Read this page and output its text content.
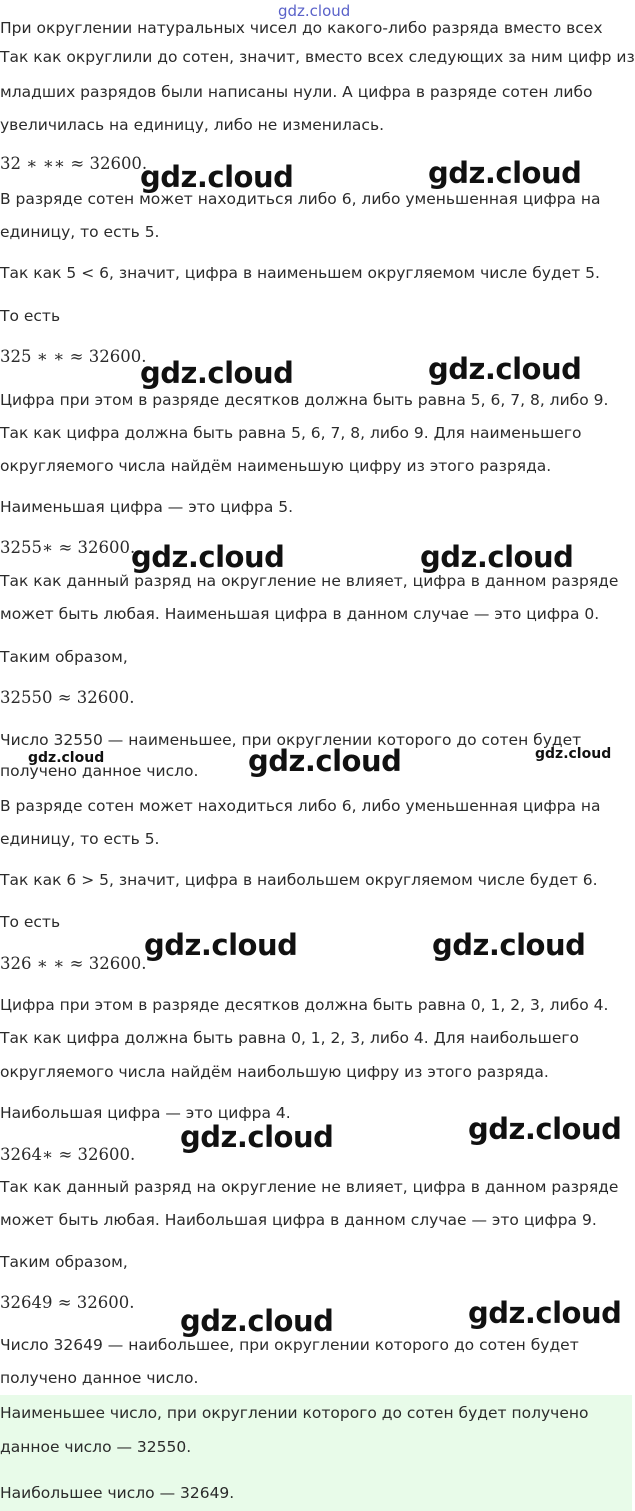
gdz.cloud
При округлении натуральных чисел до какого-либо разряда вместо всех
Так как округлили до сотен, значит, вместо всех следующих за ним цифр из
младших разрядов были написаны нули. А цифра в разряде сотен либо
увеличилась на единицу, либо не изменилась.
32 ∗ ∗∗ ≈ 32600.
В разряде сотен может находиться либо 6, либо уменьшенная цифра на
единицу, то есть 5.
Так как 5 < 6, значит, цифра в наименьшем округляемом числе будет 5.
То есть
325 ∗ ∗ ≈ 32600.
Цифра при этом в разряде десятков должна быть равна 5, 6, 7, 8, либо 9.
Так как цифра должна быть равна 5, 6, 7, 8, либо 9. Для наименьшего
округляемого числа найдём наименьшую цифру из этого разряда.
Наименьшая цифра — это цифра 5.
3255∗ ≈ 32600.
Так как данный разряд на округление не влияет, цифра в данном разряде
может быть любая. Наименьшая цифра в данном случае — это цифра 0.
Таким образом,
32550 ≈ 32600.
Число 32550 — наименьшее, при округлении которого до сотен будет
получено данное число.
В разряде сотен может находиться либо 6, либо уменьшенная цифра на
единицу, то есть 5.
Так как 6 > 5, значит, цифра в наибольшем округляемом числе будет 6.
То есть
326 ∗ ∗ ≈ 32600.
Цифра при этом в разряде десятков должна быть равна 0, 1, 2, 3, либо 4.
Так как цифра должна быть равна 0, 1, 2, 3, либо 4. Для наибольшего
округляемого числа найдём наибольшую цифру из этого разряда.
Наибольшая цифра — это цифра 4.
3264∗ ≈ 32600.
Так как данный разряд на округление не влияет, цифра в данном разряде
может быть любая. Наибольшая цифра в данном случае — это цифра 9.
Таким образом,
32649 ≈ 32600.
Число 32649 — наибольшее, при округлении которого до сотен будет
получено данное число.
Наименьшее число, при округлении которого до сотен будет получено
данное число — 32550.
Наибольшее число — 32649.
gdz.cloud	gdz.cloud
gdz.cloud	gdz.cloud
gdz.cloud	gdz.cloud
gdz.cloud	gdz.cloud	gdz.cloud
gdz.cloud	gdz.cloud
gdz.cloud	gdz.cloud
gdz.cloud	gdz.cloud
